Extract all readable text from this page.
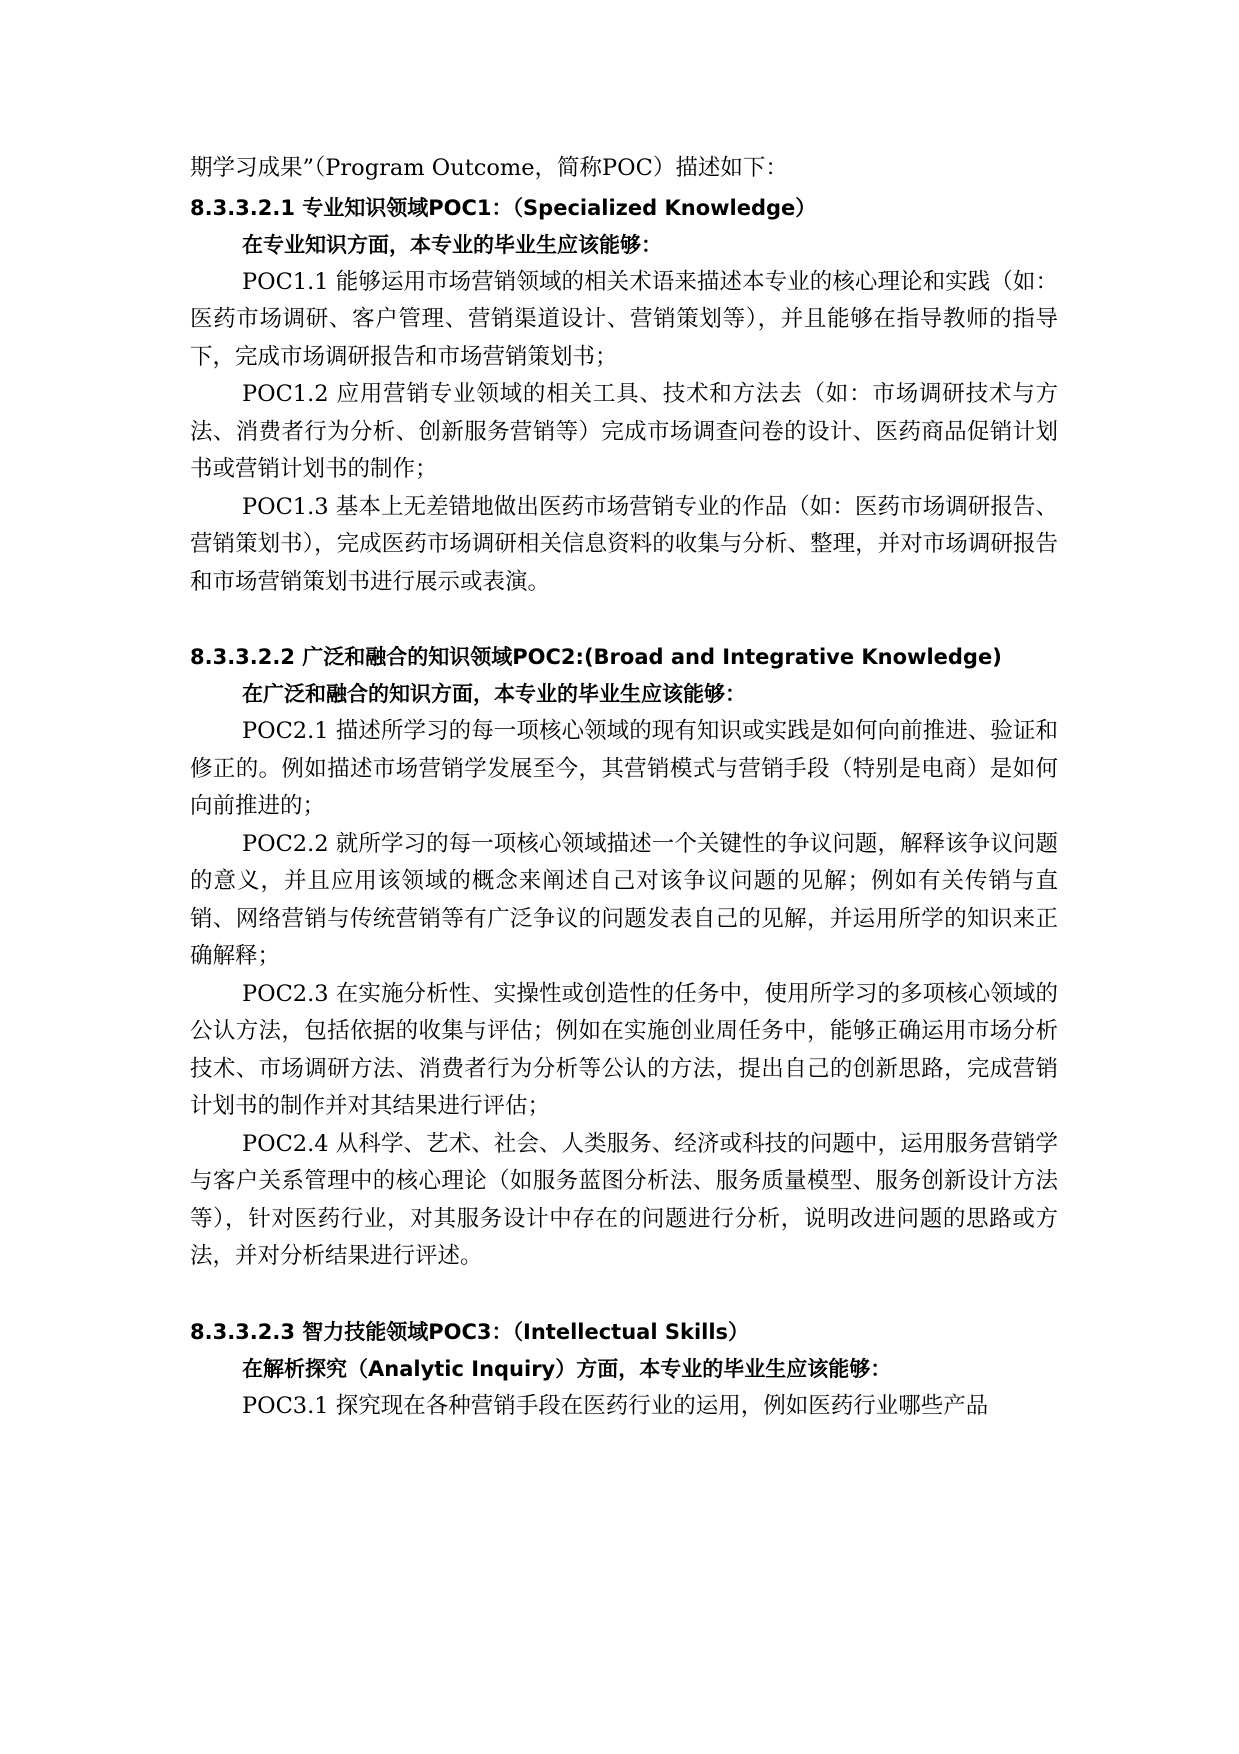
期学习成果”（Program Outcome，简称POC）描述如下：

8.3.3.2.1 专业知识领域POC1：（Specialized Knowledge）

在专业知识方面，本专业的毕业生应该能够：

POC1.1 能够运用市场营销领域的相关术语来描述本专业的核心理论和实践（如：医药市场调研、客户管理、营销渠道设计、营销策划等），并且能够在指导教师的指导下，完成市场调研报告和市场营销策划书；

POC1.2 应用营销专业领域的相关工具、技术和方法去（如：市场调研技术与方法、消费者行为分析、创新服务营销等）完成市场调查问卷的设计、医药商品促销计划书或营销计划书的制作；

POC1.3 基本上无差错地做出医药市场营销专业的作品（如：医药市场调研报告、营销策划书），完成医药市场调研相关信息资料的收集与分析、整理，并对市场调研报告和市场营销策划书进行展示或表演。

8.3.3.2.2 广泛和融合的知识领域POC2:(Broad and Integrative Knowledge)

在广泛和融合的知识方面，本专业的毕业生应该能够：

POC2.1 描述所学习的每一项核心领域的现有知识或实践是如何向前推进、验证和修正的。例如描述市场营销学发展至今，其营销模式与营销手段（特别是电商）是如何向前推进的；

POC2.2 就所学习的每一项核心领域描述一个关键性的争议问题，解释该争议问题的意义，并且应用该领域的概念来阐述自己对该争议问题的见解；例如有关传销与直销、网络营销与传统营销等有广泛争议的问题发表自己的见解，并运用所学的知识来正确解释；

POC2.3 在实施分析性、实操性或创造性的任务中，使用所学习的多项核心领域的公认方法，包括依据的收集与评估；例如在实施创业周任务中，能够正确运用市场分析技术、市场调研方法、消费者行为分析等公认的方法，提出自己的创新思路，完成营销计划书的制作并对其结果进行评估；

POC2.4 从科学、艺术、社会、人类服务、经济或科技的问题中，运用服务营销学与客户关系管理中的核心理论（如服务蓝图分析法、服务质量模型、服务创新设计方法等），针对医药行业，对其服务设计中存在的问题进行分析，说明改进问题的思路或方法，并对分析结果进行评述。

8.3.3.2.3 智力技能领域POC3：（Intellectual Skills）

在解析探究（Analytic Inquiry）方面，本专业的毕业生应该能够：

POC3.1 探究现在各种营销手段在医药行业的运用，例如医药行业哪些产品
